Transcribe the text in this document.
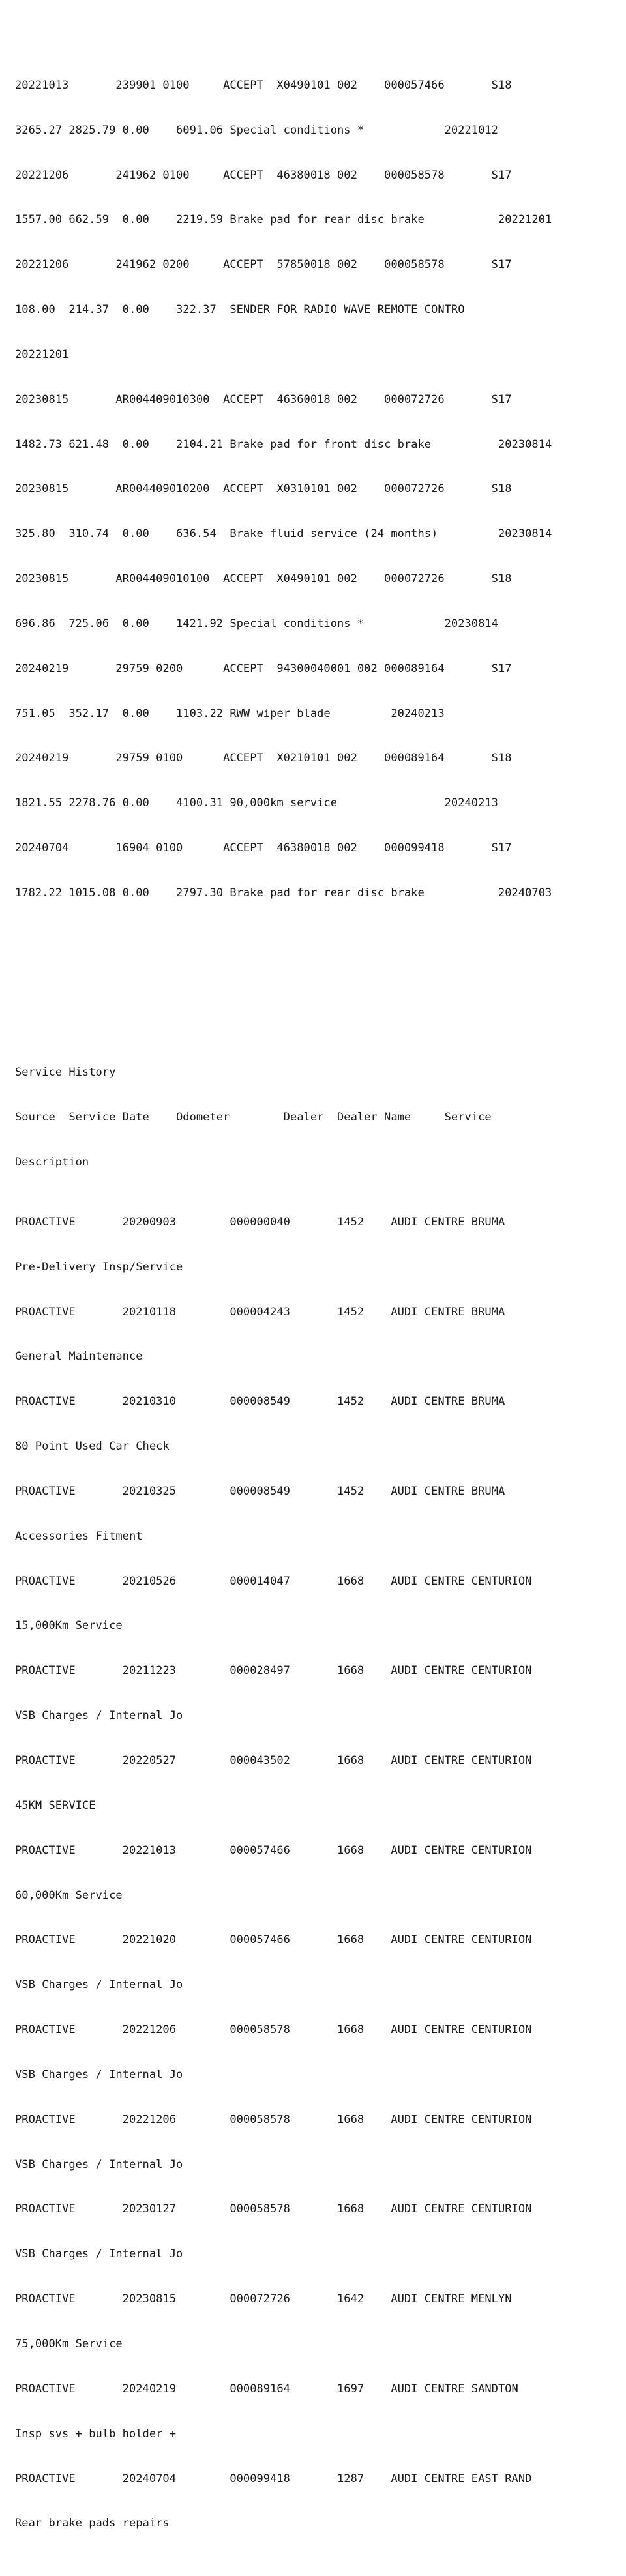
20221013       239901 0100     ACCEPT  X0490101 002    000057466       S18

3265.27 2825.79 0.00    6091.06 Special conditions *            20221012

20221206       241962 0100     ACCEPT  46380018 002    000058578       S17

1557.00 662.59  0.00    2219.59 Brake pad for rear disc brake           20221201

20221206       241962 0200     ACCEPT  57850018 002    000058578       S17

108.00  214.37  0.00    322.37  SENDER FOR RADIO WAVE REMOTE CONTRO

20221201

20230815       AR004409010300  ACCEPT  46360018 002    000072726       S17

1482.73 621.48  0.00    2104.21 Brake pad for front disc brake          20230814

20230815       AR004409010200  ACCEPT  X0310101 002    000072726       S18

325.80  310.74  0.00    636.54  Brake fluid service (24 months)         20230814

20230815       AR004409010100  ACCEPT  X0490101 002    000072726       S18

696.86  725.06  0.00    1421.92 Special conditions *            20230814

20240219       29759 0200      ACCEPT  94300040001 002 000089164       S17

751.05  352.17  0.00    1103.22 RWW wiper blade         20240213

20240219       29759 0100      ACCEPT  X0210101 002    000089164       S18

1821.55 2278.76 0.00    4100.31 90,000km service                20240213

20240704       16904 0100      ACCEPT  46380018 002    000099418       S17

1782.22 1015.08 0.00    2797.30 Brake pad for rear disc brake           20240703

Service History

Source  Service Date    Odometer        Dealer  Dealer Name     Service

Description

PROACTIVE       20200903        000000040       1452    AUDI CENTRE BRUMA

Pre-Delivery Insp/Service

PROACTIVE       20210118        000004243       1452    AUDI CENTRE BRUMA

General Maintenance

PROACTIVE       20210310        000008549       1452    AUDI CENTRE BRUMA

80 Point Used Car Check

PROACTIVE       20210325        000008549       1452    AUDI CENTRE BRUMA

Accessories Fitment

PROACTIVE       20210526        000014047       1668    AUDI CENTRE CENTURION

15,000Km Service

PROACTIVE       20211223        000028497       1668    AUDI CENTRE CENTURION

VSB Charges / Internal Jo

PROACTIVE       20220527        000043502       1668    AUDI CENTRE CENTURION

45KM SERVICE

PROACTIVE       20221013        000057466       1668    AUDI CENTRE CENTURION

60,000Km Service

PROACTIVE       20221020        000057466       1668    AUDI CENTRE CENTURION

VSB Charges / Internal Jo

PROACTIVE       20221206        000058578       1668    AUDI CENTRE CENTURION

VSB Charges / Internal Jo

PROACTIVE       20221206        000058578       1668    AUDI CENTRE CENTURION

VSB Charges / Internal Jo

PROACTIVE       20230127        000058578       1668    AUDI CENTRE CENTURION

VSB Charges / Internal Jo

PROACTIVE       20230815        000072726       1642    AUDI CENTRE MENLYN

75,000Km Service

PROACTIVE       20240219        000089164       1697    AUDI CENTRE SANDTON

Insp svs + bulb holder +

PROACTIVE       20240704        000099418       1287    AUDI CENTRE EAST RAND

Rear brake pads repairs
